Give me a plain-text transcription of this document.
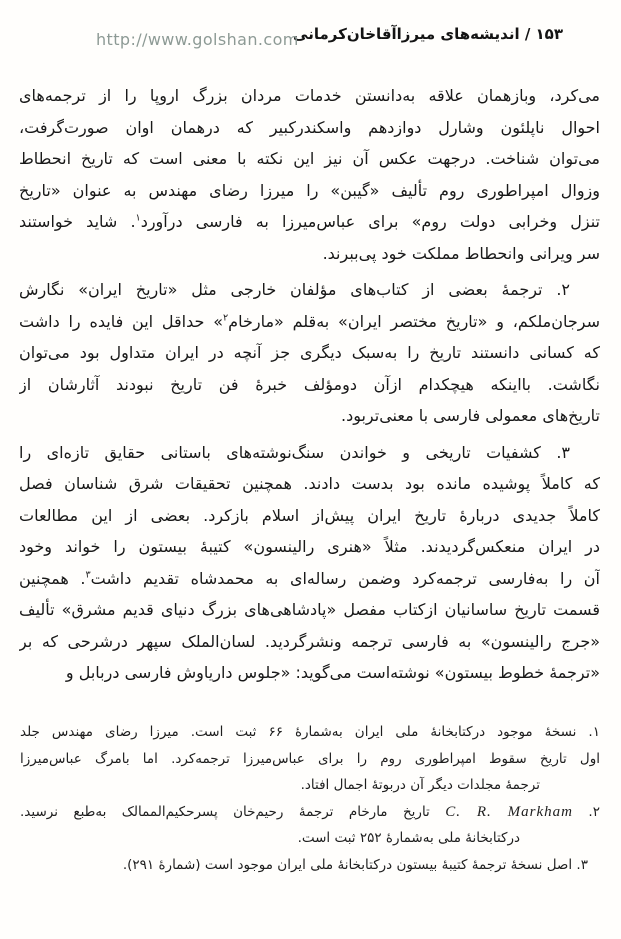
۱۵۳ / اندیشه‌های میرزاآقاخان‌کرمانی
http://www.golshan.com
می‌کرد، وبازهمان علاقه به‌دانستن خدمات مردان بزرگ اروپا را از ترجمه‌های
احوال ناپلئون وشارل دوازدهم واسکندرکبیر که درهمان اوان صورت‌گرفت،
می‌توان شناخت. درجهت عکس آن نیز این نکته با معنی است که تاریخ انحطاط
وزوال امپراطوری روم تألیف «گیبن» را میرزا رضای مهندس به عنوان «تاریخ
تنزل وخرابی دولت روم» برای عباس‌میرزا به فارسی درآورد$^۱$. شاید خواستند
سر ویرانی وانحطاط مملکت خود پی‌ببرند.
۲. ترجمهٔ بعضی از کتاب‌های مؤلفان خارجی مثل «تاریخ ایران» نگارش
سرجان‌ملکم، و «تاریخ مختصر ایران» به‌قلم «مارخام$^۲$» حداقل این فایده را داشت
که کسانی دانستند تاریخ را به‌سبک دیگری جز آنچه در ایران متداول بود می‌توان
نگاشت. بااینکه هیچکدام ازآن دومؤلف خبرهٔ فن تاریخ نبودند آثارشان از
تاریخ‌های معمولی فارسی با معنی‌تربود.
۳. کشفیات تاریخی و خواندن سنگ‌نوشته‌های باستانی حقایق تازه‌ای را
که کاملاً پوشیده مانده بود بدست دادند. همچنین تحقیقات شرق شناسان فصل
کاملاً جدیدی دربارهٔ تاریخ ایران پیش‌از اسلام بازکرد. بعضی از این مطالعات
در ایران منعکس‌گردیدند. مثلاً «هنری رالینسون» کتیبهٔ بیستون را خواند وخود
آن را به‌فارسی ترجمه‌کرد وضمن رساله‌ای به محمدشاه تقدیم داشت$^۳$. همچنین
قسمت تاریخ ساسانیان ازکتاب مفصل «پادشاهی‌های بزرگ دنیای قدیم مشرق» تألیف
«جرج رالینسون» به فارسی ترجمه ونشرگردید. لسان‌الملک سپهر درشرحی که بر
«ترجمهٔ خطوط بیستون» نوشته‌است می‌گوید: «جلوس داریاوش فارسی دربابل و
۱. نسخهٔ موجود درکتابخانهٔ ملی ایران به‌شمارهٔ ۶۶ ثبت است. میرزا رضای مهندس جلد
اول تاریخ سقوط امپراطوری روم را برای عباس‌میرزا ترجمه‌کرد. اما بامرگ عباس‌میرزا
ترجمهٔ مجلدات دیگر آن دربوتهٔ اجمال افتاد.
۲. C. R. Markham تاریخ مارخام ترجمهٔ رحیم‌خان پسرحکیم‌الممالک به‌طبع نرسید.
درکتابخانهٔ ملی به‌شمارهٔ ۲۵۲ ثبت است.
۳. اصل نسخهٔ ترجمهٔ کتیبهٔ بیستون درکتابخانهٔ ملی ایران موجود است (شمارهٔ ۲۹۱).
